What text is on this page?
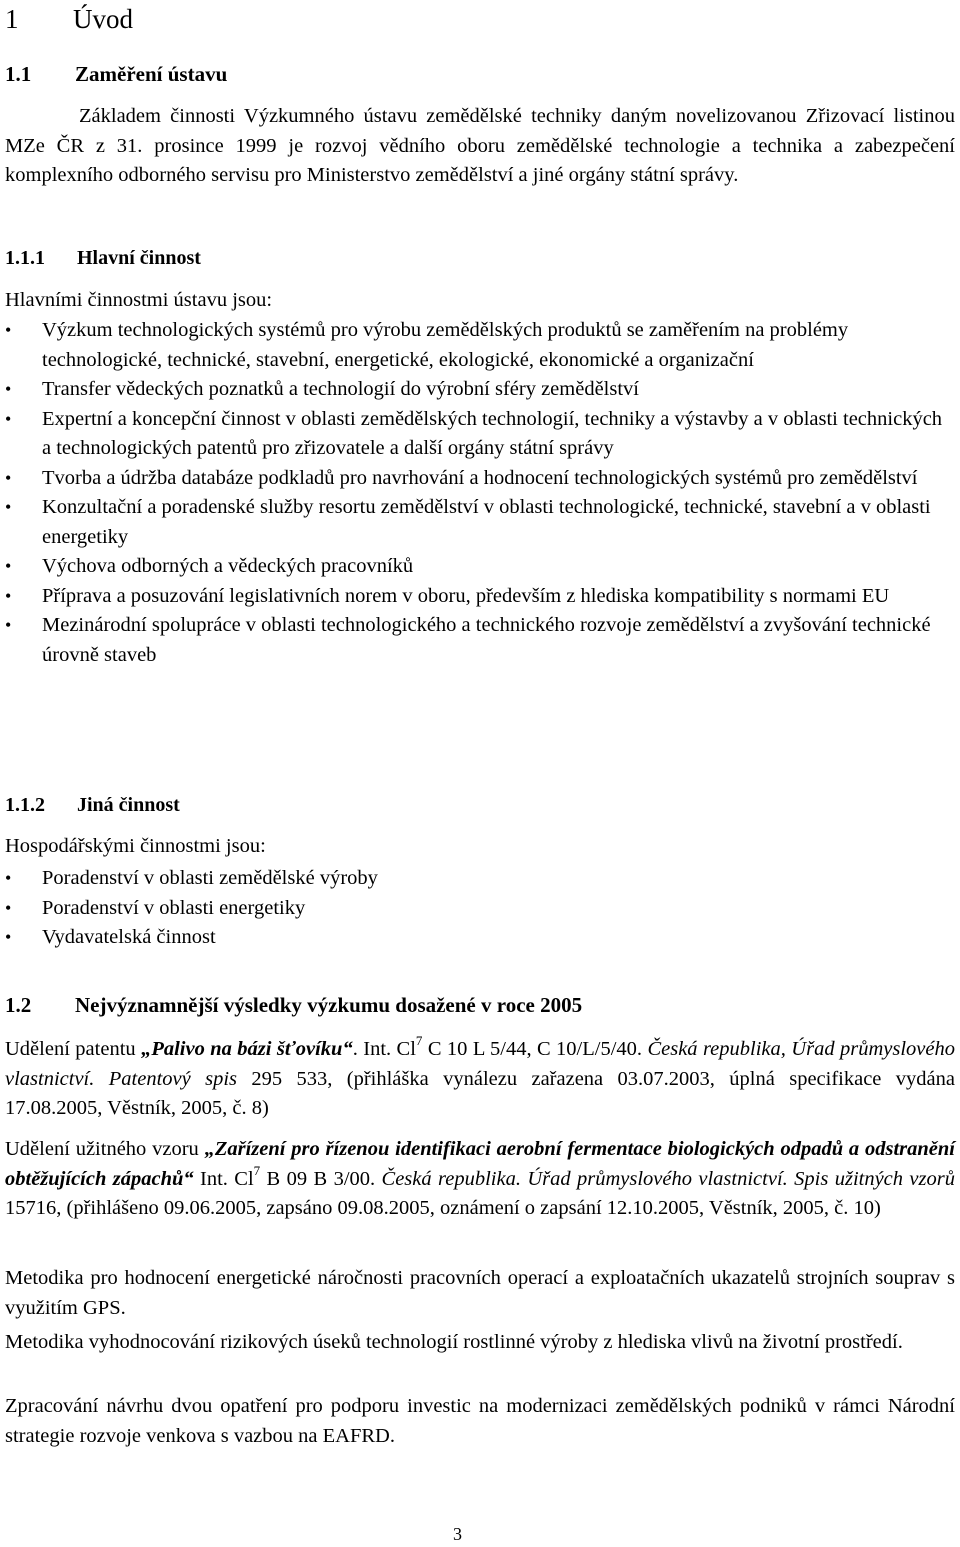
1 Úvod
1.1 Zaměření ústavu
Základem činnosti Výzkumného ústavu zemědělské techniky daným novelizovanou Zřizovací listinou MZe ČR z 31. prosince 1999 je rozvoj vědního oboru zemědělské technologie a technika a zabezpečení komplexního odborného servisu pro Ministerstvo zemědělství a jiné orgány státní správy.
1.1.1 Hlavní činnost
Hlavními činnostmi ústavu jsou:
• Výzkum technologických systémů pro výrobu zemědělských produktů se zaměřením na problémy technologické, technické, stavební, energetické, ekologické, ekonomické a organizační
• Transfer vědeckých poznatků a technologií do výrobní sféry zemědělství
• Expertní a koncepční činnost v oblasti zemědělských technologií, techniky a výstavby a v oblasti technických a technologických patentů pro zřizovatele a další orgány státní správy
• Tvorba a údržba databáze podkladů pro navrhování a hodnocení technologických systémů pro zemědělství
• Konzultační a poradenské služby resortu zemědělství v oblasti technologické, technické, stavební a v oblasti energetiky
• Výchova odborných a vědeckých pracovníků
• Příprava a posuzování legislativních norem v oboru, především z hlediska kompatibility s normami EU
• Mezinárodní spolupráce v oblasti technologického a technického rozvoje zemědělství a zvyšování technické úrovně staveb
1.1.2 Jiná činnost
Hospodářskými činnostmi jsou:
• Poradenství v oblasti zemědělské výroby
• Poradenství v oblasti energetiky
• Vydavatelská činnost
1.2 Nejvýznamnější výsledky výzkumu dosažené v roce 2005
Udělení patentu „Palivo na bázi šťovíku“. Int. Cl$^7$ C 10 L 5/44, C 10/L/5/40. Česká republika, Úřad průmyslového vlastnictví. Patentový spis 295 533, (přihláška vynálezu zařazena 03.07.2003, úplná specifikace vydána 17.08.2005, Věstník, 2005, č. 8)
Udělení užitného vzoru „Zařízení pro řízenou identifikaci aerobní fermentace biologických odpadů a odstranění obtěžujících zápachů“ Int. Cl$^7$ B 09 B 3/00. Česká republika. Úřad průmyslového vlastnictví. Spis užitných vzorů 15716, (přihlášeno 09.06.2005, zapsáno 09.08.2005, oznámení o zapsání 12.10.2005, Věstník, 2005, č. 10)
Metodika pro hodnocení energetické náročnosti pracovních operací a exploatačních ukazatelů strojních souprav s využitím GPS.
Metodika vyhodnocování rizikových úseků technologií rostlinné výroby z hlediska vlivů na životní prostředí.
Zpracování návrhu dvou opatření pro podporu investic na modernizaci zemědělských podniků v rámci Národní strategie rozvoje venkova s vazbou na EAFRD.
3
